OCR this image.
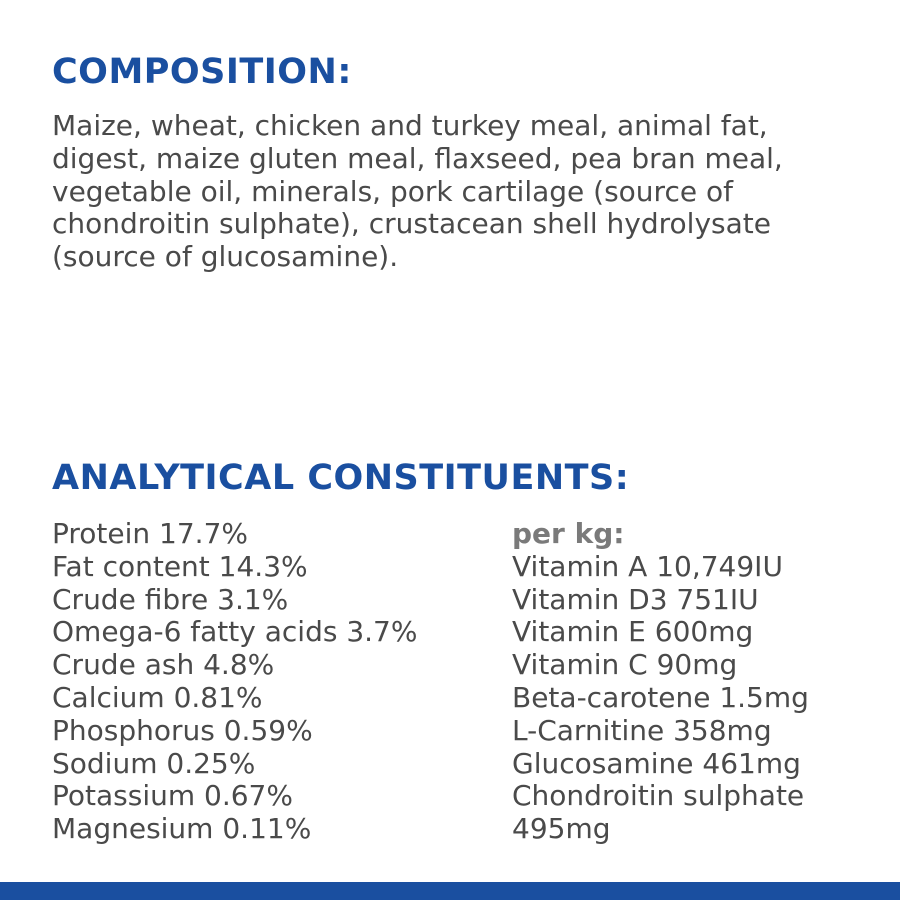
COMPOSITION:

Maize, wheat, chicken and turkey meal, animal fat, digest, maize gluten meal, flaxseed, pea bran meal, vegetable oil, minerals, pork cartilage (source of chondroitin sulphate), crustacean shell hydrolysate (source of glucosamine).

ANALYTICAL CONSTITUENTS:
Protein 17.7%
Fat content 14.3%
Crude fibre 3.1%
Omega-6 fatty acids 3.7%
Crude ash 4.8%
Calcium 0.81%
Phosphorus 0.59%
Sodium 0.25%
Potassium 0.67%
Magnesium 0.11%
per kg:
Vitamin A 10,749IU
Vitamin D3 751IU
Vitamin E 600mg
Vitamin C 90mg
Beta-carotene 1.5mg
L-Carnitine 358mg
Glucosamine 461mg
Chondroitin sulphate
495mg
